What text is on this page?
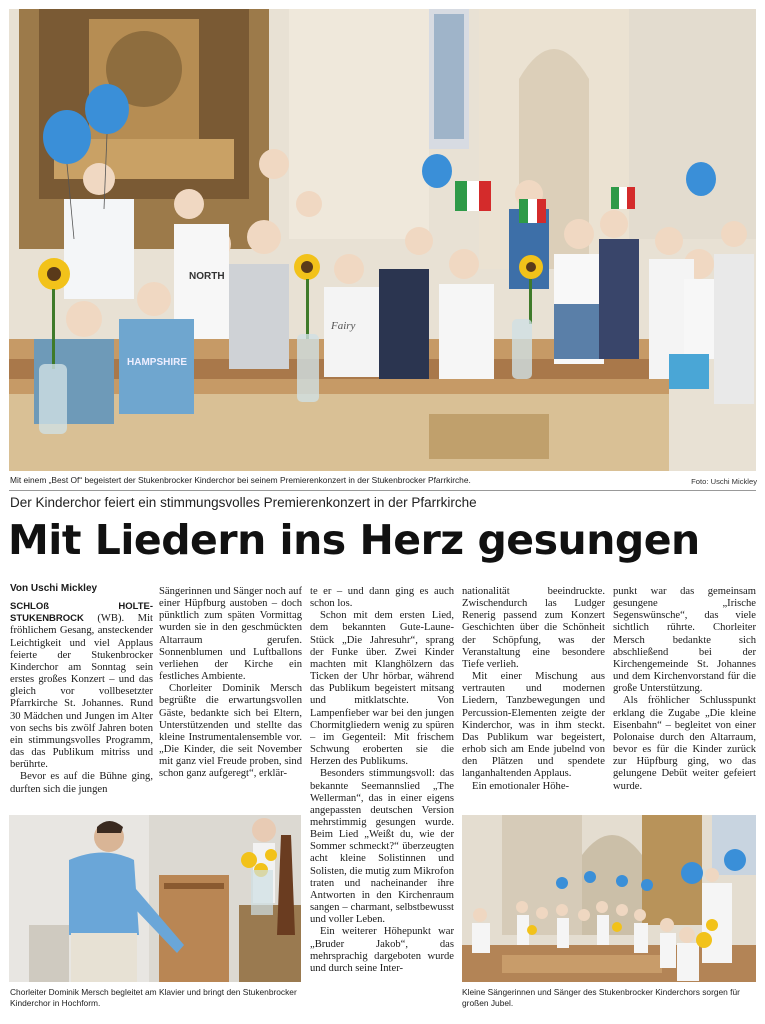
NORTH
HAMPSHIRE
Fairy
Mit einem „Best Of“ begeistert der Stukenbrocker Kinderchor bei seinem Premierenkonzert in der Stukenbrocker Pfarrkirche.	Foto: Uschi Mickley
Der Kinderchor feiert ein stimmungsvolles Premierenkonzert in der Pfarrkirche
Mit Liedern ins Herz gesungen
Von Uschi Mickley

SCHLOß HOLTE-STUKENBROCK (WB). Mit fröhlichem Gesang, ansteckender Leichtigkeit und viel Applaus feierte der Stukenbrocker Kinderchor am Sonntag sein erstes großes Konzert – und das gleich vor vollbesetzter Pfarrkirche St. Johannes. Rund 30 Mädchen und Jungen im Alter von sechs bis zwölf Jahren boten ein stimmungsvolles Programm, das das Publikum mitriss und berührte.

Bevor es auf die Bühne ging, durften sich die jungen

Sängerinnen und Sänger noch auf einer Hüpfburg austoben – doch pünktlich zum späten Vormittag wurden sie in den geschmückten Altarraum gerufen. Sonnenblumen und Luftballons verliehen der Kirche ein festliches Ambiente.

Chorleiter Dominik Mersch begrüßte die erwartungsvollen Gäste, bedankte sich bei Eltern, Unterstützenden und stellte das kleine Instrumentalensemble vor. „Die Kinder, die seit November mit ganz viel Freude proben, sind schon ganz aufgeregt“, erklär-

te er – und dann ging es auch schon los.

Schon mit dem ersten Lied, dem bekannten Gute-Laune-Stück „Die Jahresuhr“, sprang der Funke über. Zwei Kinder machten mit Klanghölzern das Ticken der Uhr hörbar, während das Publikum begeistert mitsang und mitklatschte. Von Lampenfieber war bei den jungen Chormitgliedern wenig zu spüren – im Gegenteil: Mit frischem Schwung eroberten sie die Herzen des Publikums.

Besonders stimmungsvoll: das bekannte Seemannslied „The Wellerman“, das in einer eigens angepassten deutschen Version mehrstimmig gesungen wurde. Beim Lied „Weißt du, wie der Sommer schmeckt?“ überzeugten acht kleine Solistinnen und Solisten, die mutig zum Mikrofon traten und nacheinander ihre Antworten in den Kirchenraum sangen – charmant, selbstbewusst und voller Leben.

Ein weiterer Höhepunkt war „Bruder Jakob“, das mehrsprachig dargeboten wurde und durch seine Inter-

nationalität beeindruckte. Zwischendurch las Ludger Renerig passend zum Konzert Geschichten über die Schönheit der Schöpfung, was der Veranstaltung eine besondere Tiefe verlieh.

Mit einer Mischung aus vertrauten und modernen Liedern, Tanzbewegungen und Percussion-Elementen zeigte der Kinderchor, was in ihm steckt. Das Publikum war begeistert, erhob sich am Ende jubelnd von den Plätzen und spendete langanhaltenden Applaus.

Ein emotionaler Höhe-

punkt war das gemeinsam gesungene „Irische Segenswünsche“, das viele sichtlich rührte. Chorleiter Mersch bedankte sich abschließend bei der Kirchengemeinde St. Johannes und dem Kirchenvorstand für die große Unterstützung.

Als fröhlicher Schlusspunkt erklang die Zugabe „Die kleine Eisenbahn“ – begleitet von einer Polonaise durch den Altarraum, bevor es für die Kinder zurück zur Hüpfburg ging, wo das gelungene Debüt weiter gefeiert wurde.

Chorleiter Dominik Mersch begleitet am Klavier und bringt den Stukenbrocker Kinderchor in Hochform.
Kleine Sängerinnen und Sänger des Stukenbrocker Kinderchors sorgen für großen Jubel.
